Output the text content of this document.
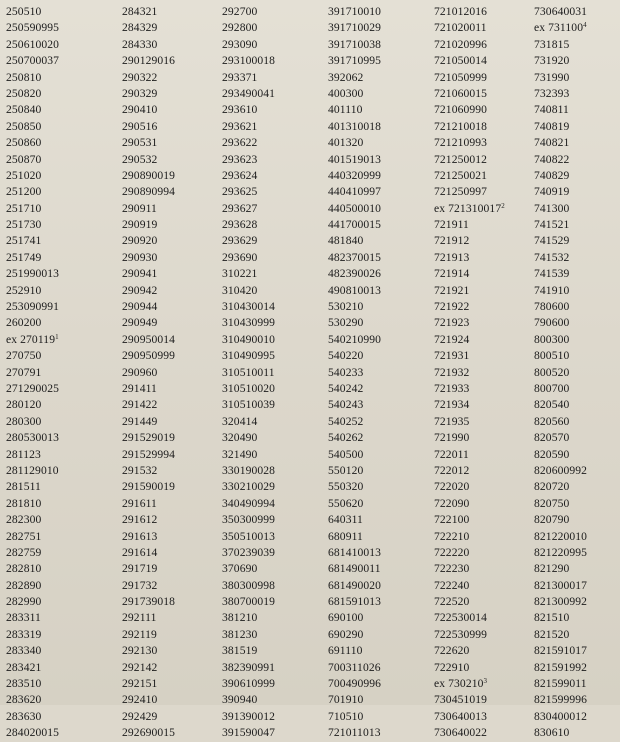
250510
250590995
250610020
250700037
250810
250820
250840
250850
250860
250870
251020
251200
251710
251730
251741
251749
251990013
252910
253090991
260200
ex 270119$^1$
270750
270791
271290025
280120
280300
280530013
281123
281129010
281511
281810
282300
282751
282759
282810
282890
282990
283311
283319
283340
283421
283510
283620
283630
284020015
284321
284329
284330
290129016
290322
290329
290410
290516
290531
290532
290890019
290890994
290911
290919
290920
290930
290941
290942
290944
290949
290950014
290950999
290960
291411
291422
291449
291529019
291529994
291532
291590019
291611
291612
291613
291614
291719
291732
291739018
292111
292119
292130
292142
292151
292410
292429
292690015
292700
292800
293090
293100018
293371
293490041
293610
293621
293622
293623
293624
293625
293627
293628
293629
293690
310221
310420
310430014
310430999
310490010
310490995
310510011
310510020
310510039
320414
320490
321490
330190028
330210029
340490994
350300999
350510013
370239039
370690
380300998
380700019
381210
381230
381519
382390991
390610999
390940
391390012
391590047
391710010
391710029
391710038
391710995
392062
400300
401110
401310018
401320
401519013
440320999
440410997
440500010
441700015
481840
482370015
482390026
490810013
530210
530290
540210990
540220
540233
540242
540243
540252
540262
540500
550120
550320
550620
640311
680911
681410013
681490011
681490020
681591013
690100
690290
691110
700311026
700490996
701910
710510
721011013
721012016
721020011
721020996
721050014
721050999
721060015
721060990
721210018
721210993
721250012
721250021
721250997
ex 721310017$^2$
721911
721912
721913
721914
721921
721922
721923
721924
721931
721932
721933
721934
721935
721990
722011
722012
722020
722090
722100
722210
722220
722230
722240
722520
722530014
722530999
722620
722910
ex 730210$^3$
730451019
730640013
730640022
730640031
ex 731100$^4$
731815
731920
731990
732393
740811
740819
740821
740822
740829
740919
741300
741521
741529
741532
741539
741910
780600
790600
800300
800510
800520
800700
820540
820560
820570
820590
820600992
820720
820750
820790
821220010
821220995
821290
821300017
821300992
821510
821520
821591017
821591992
821599011
821599996
830400012
830610
